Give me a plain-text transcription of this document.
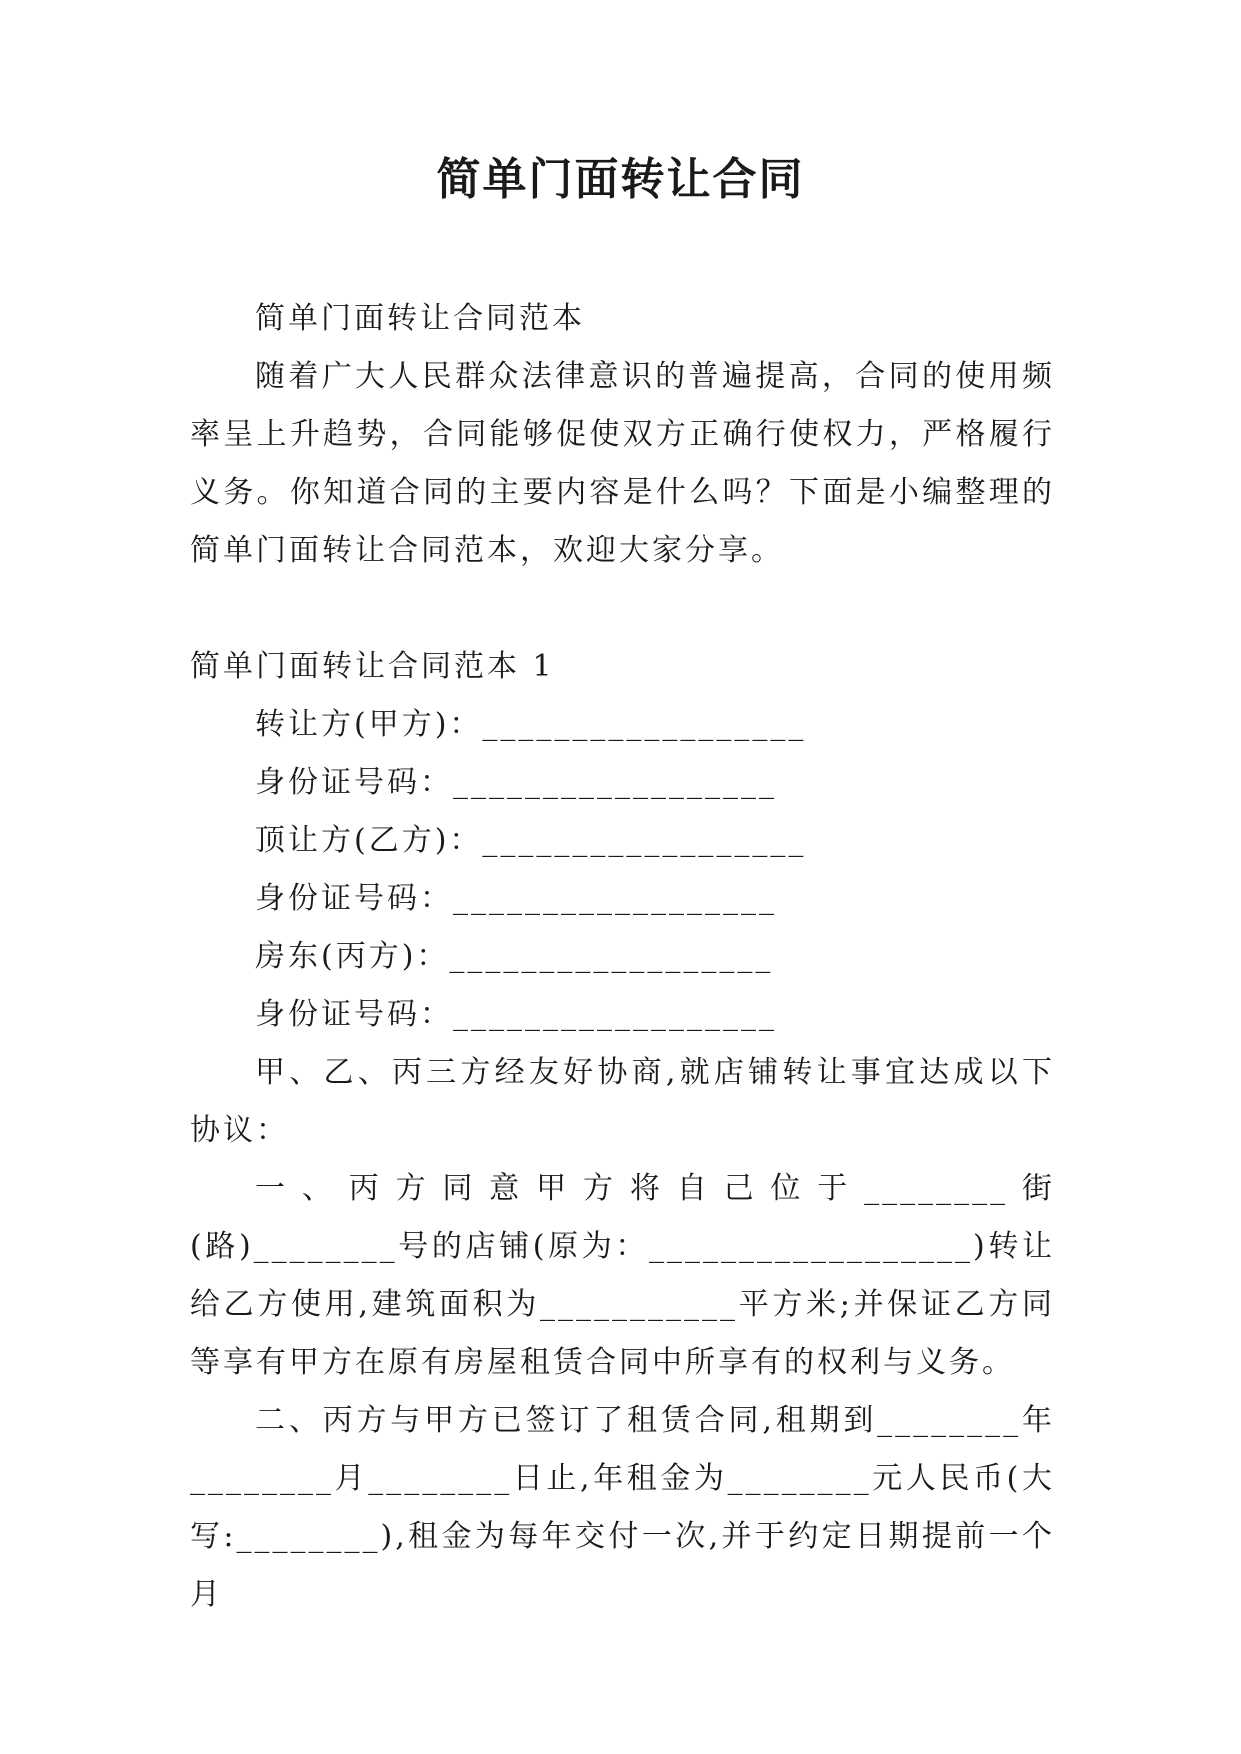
简单门面转让合同

简单门面转让合同范本

随着广大人民群众法律意识的普遍提高，合同的使用频率呈上升趋势，合同能够促使双方正确行使权力，严格履行义务。你知道合同的主要内容是什么吗？下面是小编整理的简单门面转让合同范本，欢迎大家分享。

简单门面转让合同范本 1

转让方(甲方)：__________________

身份证号码：__________________

顶让方(乙方)：__________________

身份证号码：__________________

房东(丙方)：__________________

身份证号码：__________________

甲、乙、丙三方经友好协商,就店铺转让事宜达成以下协议：

一、丙方同意甲方将自己位于________街(路)________号的店铺(原为：__________________)转让给乙方使用,建筑面积为___________平方米;并保证乙方同等享有甲方在原有房屋租赁合同中所享有的权利与义务。

二、丙方与甲方已签订了租赁合同,租期到________年________月________日止,年租金为________元人民币(大写:________),租金为每年交付一次,并于约定日期提前一个月
